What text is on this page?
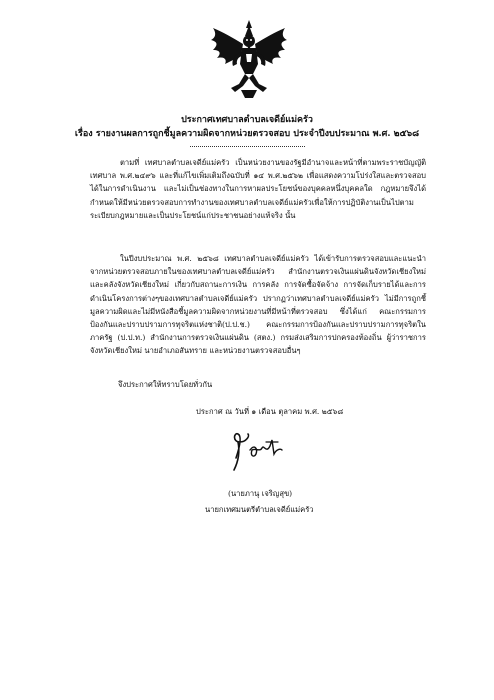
ประกาศเทศบาลตำบลเจดีย์แม่ครัว
เรื่อง รายงานผลการถูกชี้มูลความผิดจากหน่วยตรวจสอบ ประจำปีงบประมาณ พ.ศ. ๒๕๖๘
ตามที่ เทศบาลตำบลเจดีย์แม่ครัว เป็นหน่วยงานของรัฐมีอำนาจและหน้าที่ตามพระราชบัญญัติเทศบาล พ.ศ.๒๔๙๖ และที่แก้ไขเพิ่มเติมถึงฉบับที่ ๑๔ พ.ศ.๒๕๖๒ เพื่อแสดงความโปร่งใสและตรวจสอบได้ในการดำเนินงาน และไม่เป็นช่องทางในการหาผลประโยชน์ของบุคคลหนึ่งบุคคลใด กฎหมายจึงได้กำหนดให้มีหน่วยตรวจสอบการทำงานของเทศบาลตำบลเจดีย์แม่ครัวเพื่อให้การปฏิบัติงานเป็นไปตามระเบียบกฎหมายและเป็นประโยชน์แก่ประชาชนอย่างแท้จริง นั้น
ในปีงบประมาณ พ.ศ. ๒๕๖๘ เทศบาลตำบลเจดีย์แม่ครัว ได้เข้ารับการตรวจสอบและแนะนำจากหน่วยตรวจสอบภายในของเทศบาลตำบลเจดีย์แม่ครัว สำนักงานตรวจเงินแผ่นดินจังหวัดเชียงใหม่ และคลังจังหวัดเชียงใหม่ เกี่ยวกับสถานะการเงิน การคลัง การจัดซื้อจัดจ้าง การจัดเก็บรายได้และการดำเนินโครงการต่างๆของเทศบาลตำบลเจดีย์แม่ครัว ปรากฏว่าเทศบาลตำบลเจดีย์แม่ครัว ไม่มีการถูกชี้มูลความผิดและไม่มีหนังสือชี้มูลความผิดจากหน่วยงานที่มีหน้าที่ตรวจสอบ ซึ่งได้แก่ คณะกรรมการป้องกันและปราบปรามการทุจริตแห่งชาติ(ป.ป.ช.) คณะกรรมการป้องกันและปราบปรามการทุจริตในภาครัฐ (ป.ป.ท.) สำนักงานการตรวจเงินแผ่นดิน (สตง.) กรมส่งเสริมการปกครองท้องถิ่น ผู้ว่าราชการจังหวัดเชียงใหม่ นายอำเภอสันทราย และหน่วยงานตรวจสอบอื่นๆ
จึงประกาศให้ทราบโดยทั่วกัน
ประกาศ ณ วันที่ ๑ เดือน ตุลาคม พ.ศ. ๒๕๖๘
(นายภานุ เจริญสุข)
นายกเทศมนตรีตำบลเจดีย์แม่ครัว
